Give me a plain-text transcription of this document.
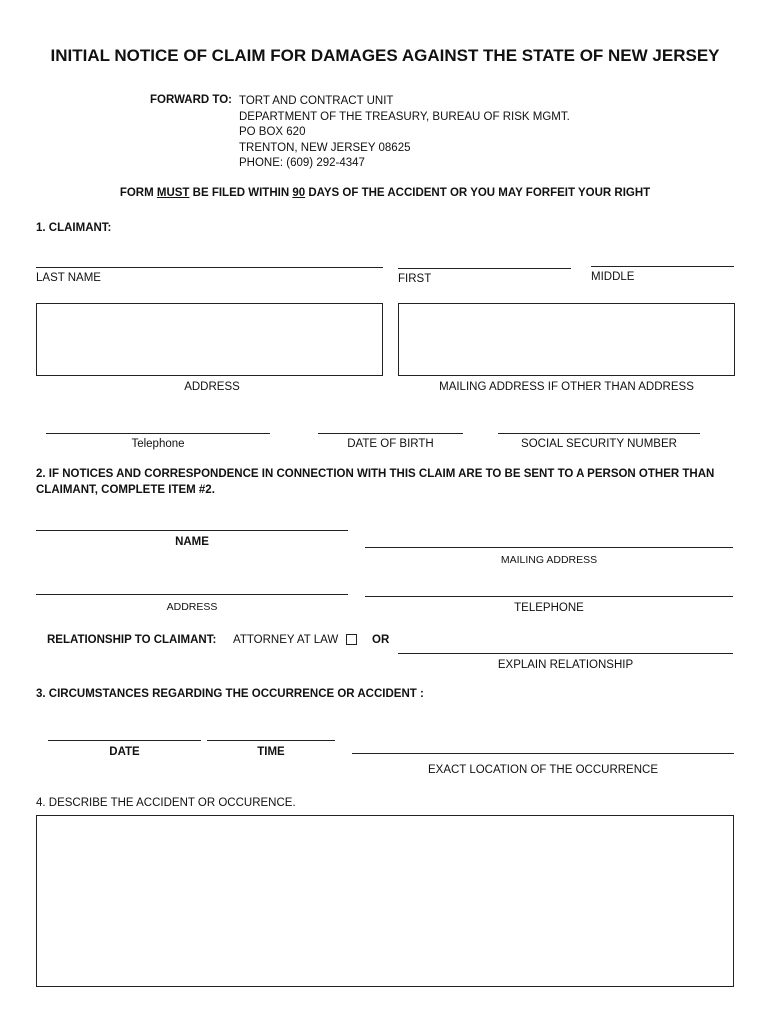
INITIAL NOTICE OF CLAIM FOR DAMAGES AGAINST THE STATE OF NEW JERSEY
FORWARD TO: TORT AND CONTRACT UNIT
DEPARTMENT OF THE TREASURY, BUREAU OF RISK MGMT.
PO BOX 620
TRENTON, NEW JERSEY 08625
PHONE: (609) 292-4347
FORM MUST BE FILED WITHIN 90 DAYS OF THE ACCIDENT OR YOU MAY FORFEIT YOUR RIGHT
1. CLAIMANT:
LAST NAME	FIRST	MIDDLE
ADDRESS	MAILING ADDRESS IF OTHER THAN ADDRESS
Telephone	DATE OF BIRTH	SOCIAL SECURITY NUMBER
2. IF NOTICES AND CORRESPONDENCE IN CONNECTION WITH THIS CLAIM ARE TO BE SENT TO A PERSON OTHER THAN
CLAIMANT, COMPLETE ITEM #2.
NAME
MAILING ADDRESS
ADDRESS	TELEPHONE
RELATIONSHIP TO CLAIMANT: ATTORNEY AT LAW	OR
EXPLAIN RELATIONSHIP
3. CIRCUMSTANCES REGARDING THE OCCURRENCE OR ACCIDENT :
DATE	TIME
EXACT LOCATION OF THE OCCURRENCE
4. DESCRIBE THE ACCIDENT OR OCCURENCE.
